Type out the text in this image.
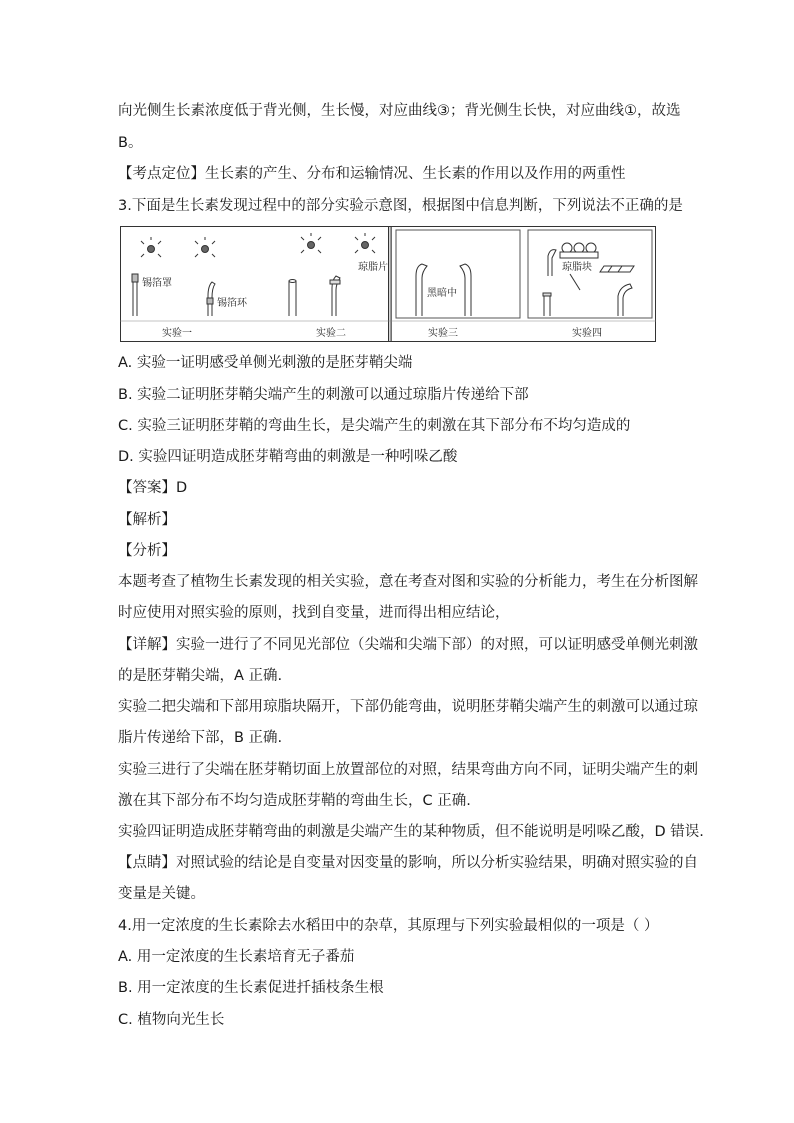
向光侧生长素浓度低于背光侧，生长慢，对应曲线③；背光侧生长快，对应曲线①，故选
B。
【考点定位】生长素的产生、分布和运输情况、生长素的作用以及作用的两重性
3.下面是生长素发现过程中的部分实验示意图，根据图中信息判断，下列说法不正确的是
锡箔罩
锡箔环
实验一
琼脂片
实验二
黑暗中
实验三
琼脂块
实验四
A. 实验一证明感受单侧光刺激的是胚芽鞘尖端
B. 实验二证明胚芽鞘尖端产生的刺激可以通过琼脂片传递给下部
C. 实验三证明胚芽鞘的弯曲生长，是尖端产生的刺激在其下部分布不均匀造成的
D. 实验四证明造成胚芽鞘弯曲的刺激是一种吲哚乙酸
【答案】D
【解析】
【分析】
本题考查了植物生长素发现的相关实验，意在考查对图和实验的分析能力，考生在分析图解
时应使用对照实验的原则，找到自变量，进而得出相应结论，
【详解】实验一进行了不同见光部位（尖端和尖端下部）的对照，可以证明感受单侧光刺激
的是胚芽鞘尖端，A 正确.
实验二把尖端和下部用琼脂块隔开，下部仍能弯曲，说明胚芽鞘尖端产生的刺激可以通过琼
脂片传递给下部，B 正确.
实验三进行了尖端在胚芽鞘切面上放置部位的对照，结果弯曲方向不同，证明尖端产生的刺
激在其下部分布不均匀造成胚芽鞘的弯曲生长，C 正确.
实验四证明造成胚芽鞘弯曲的刺激是尖端产生的某种物质，但不能说明是吲哚乙酸，D 错误.
【点睛】对照试验的结论是自变量对因变量的影响，所以分析实验结果，明确对照实验的自
变量是关键。
4.用一定浓度的生长素除去水稻田中的杂草，其原理与下列实验最相似的一项是（ ）
A. 用一定浓度的生长素培育无子番茄
B. 用一定浓度的生长素促进扦插枝条生根
C. 植物向光生长
